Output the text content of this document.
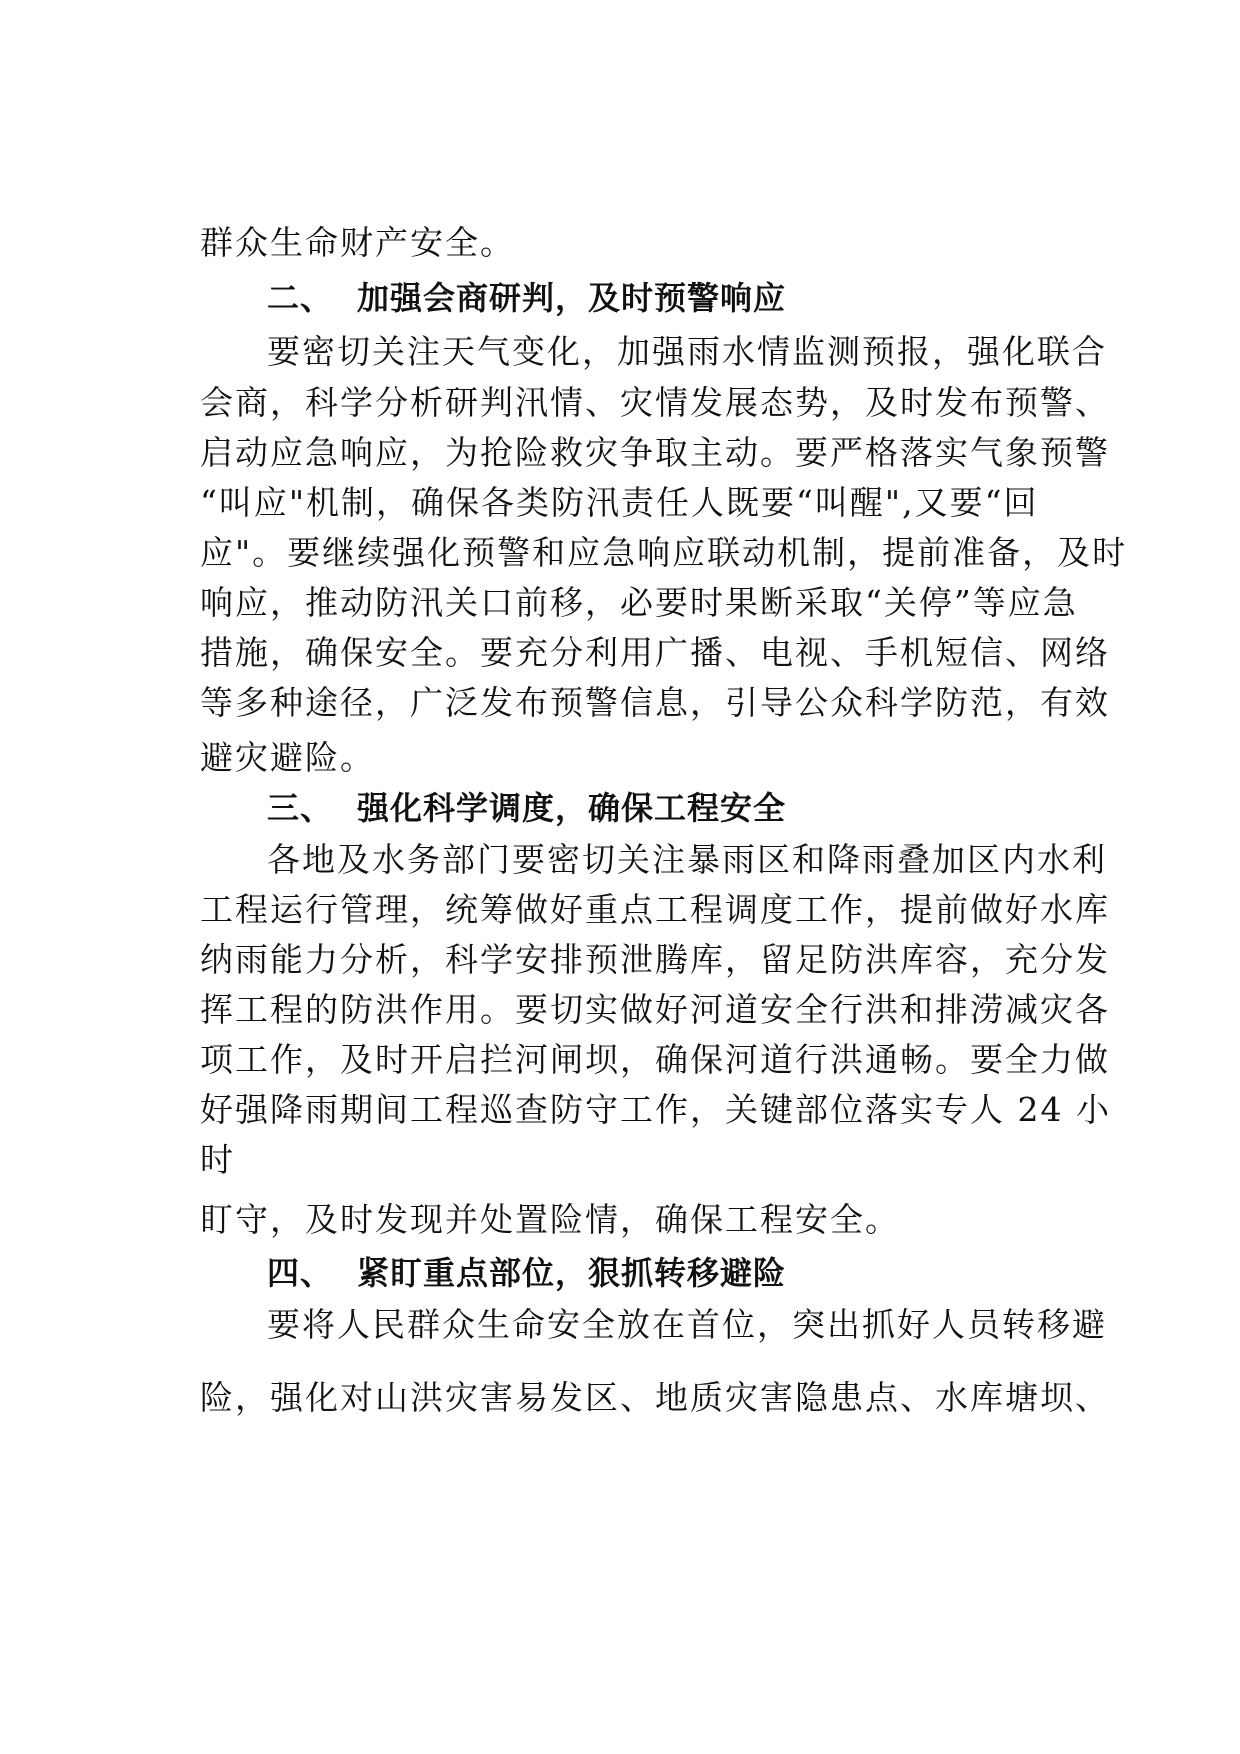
群众生命财产安全。
二、 加强会商研判，及时预警响应
要密切关注天气变化，加强雨水情监测预报，强化联合
会商，科学分析研判汛情、灾情发展态势，及时发布预警、
启动应急响应，为抢险救灾争取主动。要严格落实气象预警
“叫应"机制，确保各类防汛责任人既要“叫醒",又要“回
应"。要继续强化预警和应急响应联动机制，提前准备，及时
响应，推动防汛关口前移，必要时果断采取“关停”等应急
措施，确保安全。要充分利用广播、电视、手机短信、网络
等多种途径，广泛发布预警信息，引导公众科学防范，有效
避灾避险。
三、 强化科学调度，确保工程安全
各地及水务部门要密切关注暴雨区和降雨叠加区内水利
工程运行管理，统筹做好重点工程调度工作，提前做好水库
纳雨能力分析，科学安排预泄腾库，留足防洪库容，充分发
挥工程的防洪作用。要切实做好河道安全行洪和排涝减灾各
项工作，及时开启拦河闸坝，确保河道行洪通畅。要全力做
好强降雨期间工程巡查防守工作，关键部位落实专人 24 小
时
盯守，及时发现并处置险情，确保工程安全。
四、 紧盯重点部位，狠抓转移避险
要将人民群众生命安全放在首位，突出抓好人员转移避
险，强化对山洪灾害易发区、地质灾害隐患点、水库塘坝、
